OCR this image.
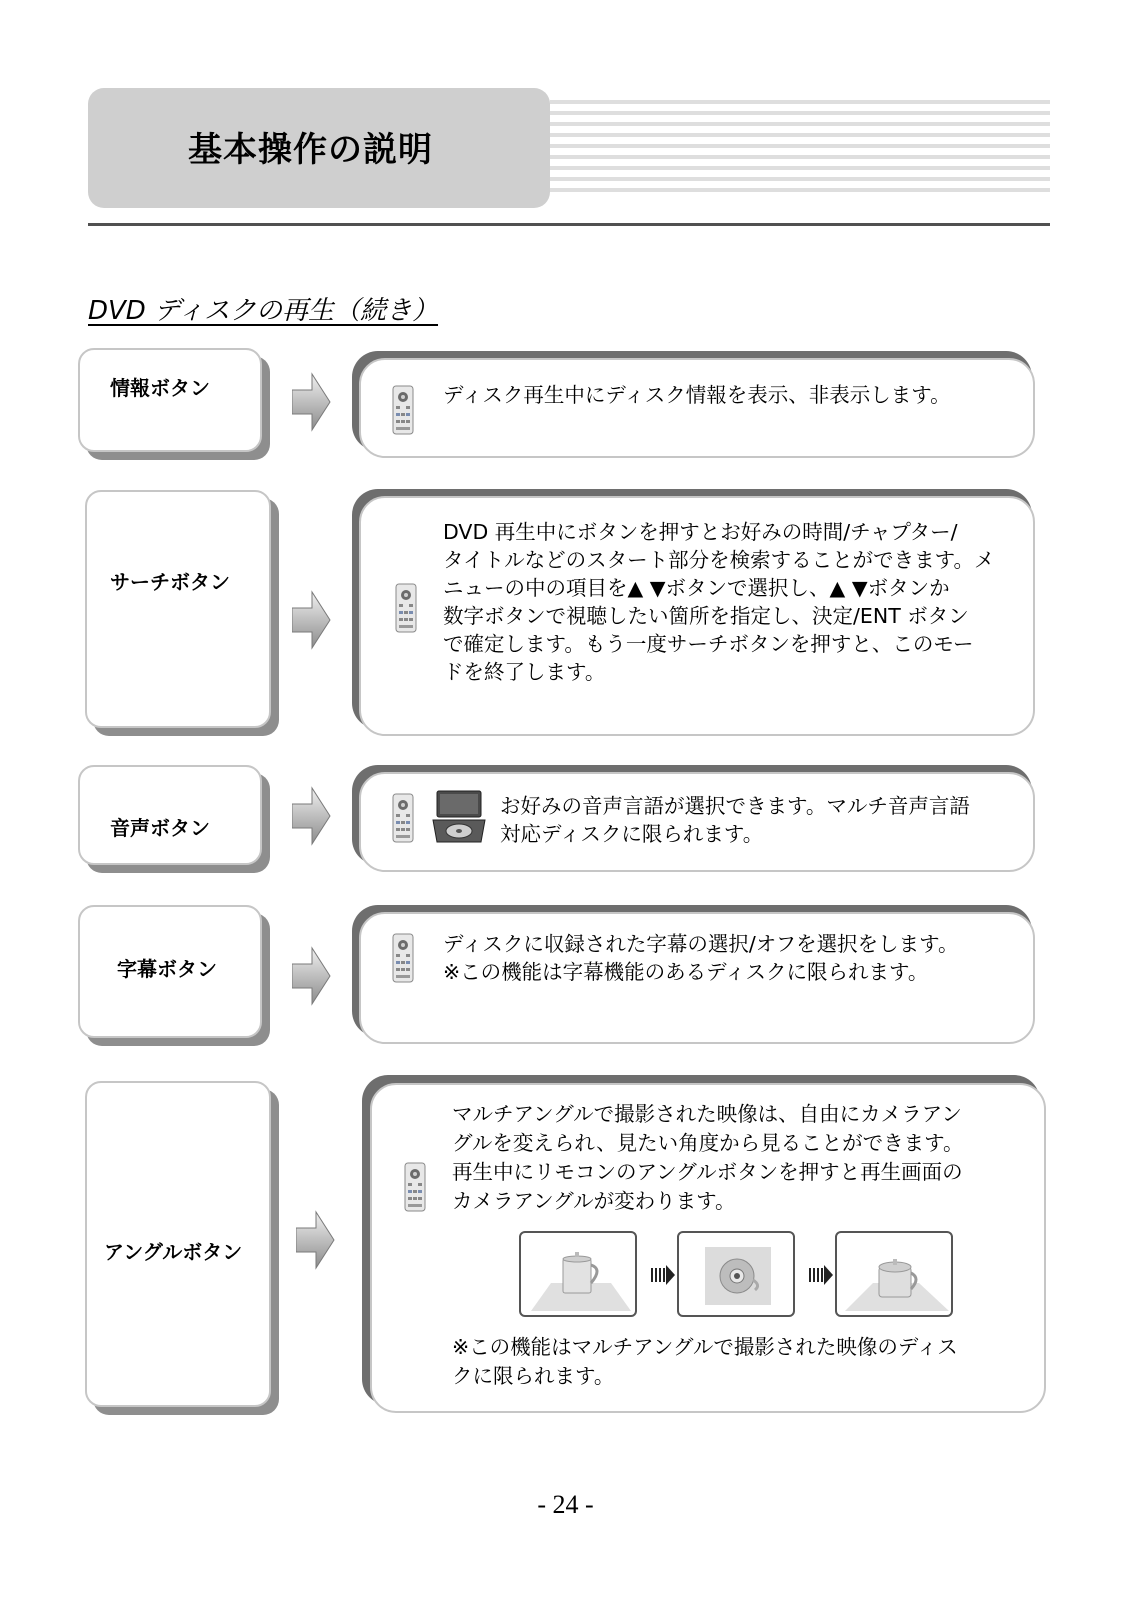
基本操作の説明
DVD ディスクの再生（続き）
情報ボタン	ディスク再生中にディスク情報を表示、非表示します。

サーチボタン

DVD 再生中にボタンを押すとお好みの時間/チャプター/

タイトルなどのスタート部分を検索することができます。メ

ニューの中の項目を▲ ▼ボタンで選択し、▲ ▼ボタンか

数字ボタンで視聴したい箇所を指定し、決定/ENT ボタン

で確定します。もう一度サーチボタンを押すと、このモー

ドを終了します。

音声ボタン

お好みの音声言語が選択できます。マルチ音声言語

対応ディスクに限られます。

字幕ボタン

ディスクに収録された字幕の選択/オフを選択をします。

※この機能は字幕機能のあるディスクに限られます。

アングルボタン

マルチアングルで撮影された映像は、自由にカメラアン

グルを変えられ、見たい角度から見ることができます。

再生中にリモコンのアングルボタンを押すと再生画面の

カメラアングルが変わります。

※この機能はマルチアングルで撮影された映像のディス

クに限られます。

- 24 -
